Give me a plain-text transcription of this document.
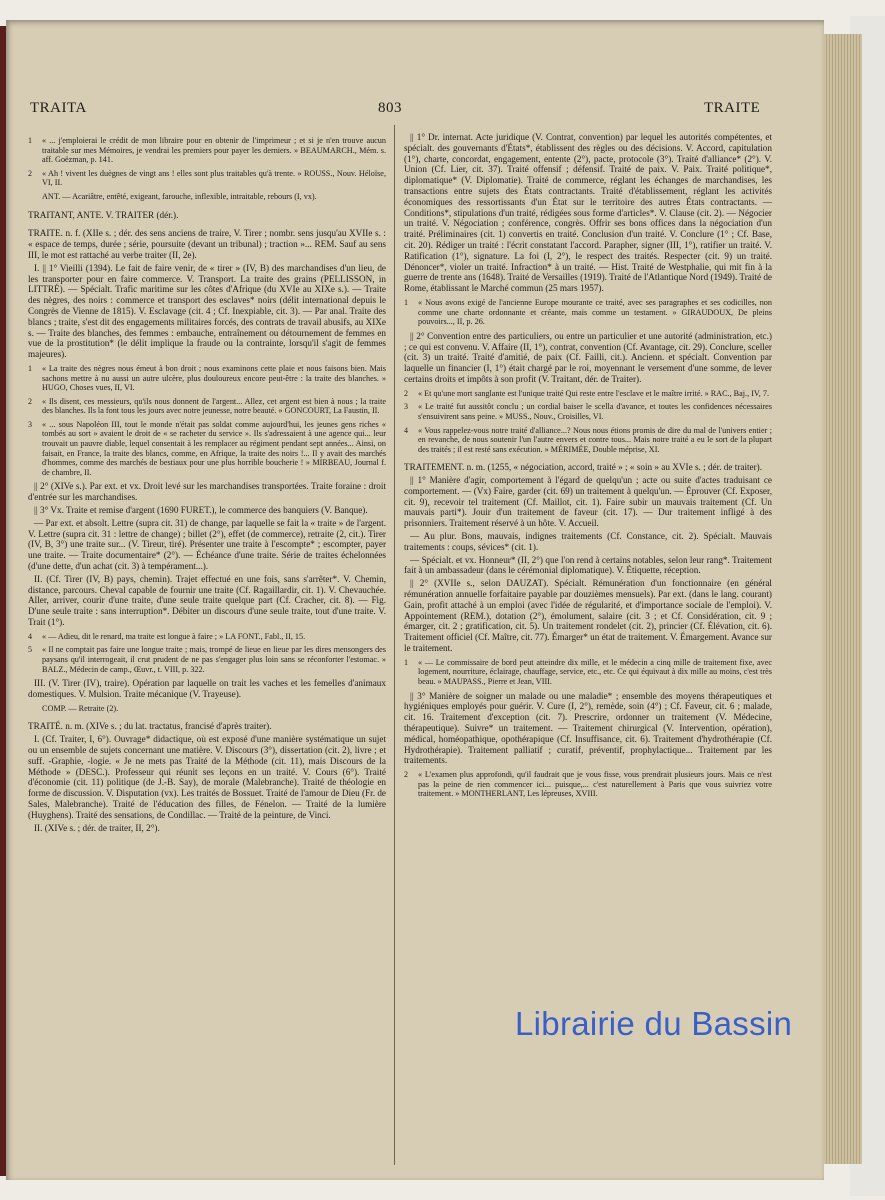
TRAITA	803	TRAITE
1 « ... j'emploierai le crédit de mon libraire pour en obtenir de l'imprimeur ; et si je n'en trouve aucun traitable sur mes Mémoires, je vendrai les premiers pour payer les derniers. » BEAUMARCH., Mém. s. aff. Goëzman, p. 141.
2 « Ah ! vivent les duègnes de vingt ans ! elles sont plus traitables qu'à trente. » ROUSS., Nouv. Héloïse, VI, II.
ANT. — Acariâtre, entêté, exigeant, farouche, inflexible, intraitable, rebours (I, vx).
TRAITANT, ANTE. V. TRAITER (dér.).
TRAITE. n. f. (XIIe s. ; dér. des sens anciens de traire, V. Tirer ; nombr. sens jusqu'au XVIIe s. : « espace de temps, durée ; série, poursuite (devant un tribunal) ; traction »... REM. Sauf au sens III, le mot est rattaché au verbe traiter (II, 2e).
I. || 1° Vieilli (1394). Le fait de faire venir, de « tirer » (IV, B) des marchandises d'un lieu, de les transporter pour en faire commerce. V. Transport. La traite des grains (PELLISSON, in LITTRÉ). — Spécialt. Trafic maritime sur les côtes d'Afrique (du XVIe au XIXe s.). — Traite des nègres, des noirs : commerce et transport des esclaves* noirs (délit international depuis le Congrès de Vienne de 1815). V. Esclavage (cit. 4 ; Cf. Inexpiable, cit. 3). — Par anal. Traite des blancs ; traite, s'est dit des engagements militaires forcés, des contrats de travail abusifs, au XIXe s. — Traite des blanches, des femmes : embauche, entraînement ou détournement de femmes en vue de la prostitution* (le délit implique la fraude ou la contrainte, lorsqu'il s'agit de femmes majeures).
1 « La traite des nègres nous émeut à bon droit ; nous examinons cette plaie et nous faisons bien. Mais sachons mettre à nu aussi un autre ulcère, plus douloureux encore peut-être : la traite des blanches. » HUGO, Choses vues, II, VI.
2 « Ils disent, ces messieurs, qu'ils nous donnent de l'argent... Allez, cet argent est bien à nous ; la traite des blanches. Ils la font tous les jours avec notre jeunesse, notre beauté. » GONCOURT, La Faustin, II.
3 « ... sous Napoléon III, tout le monde n'était pas soldat comme aujourd'hui, les jeunes gens riches « tombés au sort » avaient le droit de « se racheter du service ». Ils s'adressaient à une agence qui... leur trouvait un pauvre diable, lequel consentait à les remplacer au régiment pendant sept années... Ainsi, on faisait, en France, la traite des blancs, comme, en Afrique, la traite des noirs !... Il y avait des marchés d'hommes, comme des marchés de bestiaux pour une plus horrible boucherie ! » MIRBEAU, Journal f. de chambre, II.
|| 2° (XIVe s.). Par ext. et vx. Droit levé sur les marchandises transportées. Traite foraine : droit d'entrée sur les marchandises.
|| 3° Vx. Traite et remise d'argent (1690 FURET.), le commerce des banquiers (V. Banque).
— Par ext. et absolt. Lettre (supra cit. 31) de change, par laquelle se fait la « traite » de l'argent. V. Lettre (supra cit. 31 : lettre de change) ; billet (2°), effet (de commerce), retraite (2, cit.). Tirer (IV, B, 3°) une traite sur... (V. Tireur, tiré). Présenter une traite à l'escompte* ; escompter, payer une traite. — Traite documentaire* (2°). — Échéance d'une traite. Série de traites échelonnées (d'une dette, d'un achat (cit. 3) à tempérament...).
II. (Cf. Tirer (IV, B) pays, chemin). Trajet effectué en une fois, sans s'arrêter*. V. Chemin, distance, parcours. Cheval capable de fournir une traite (Cf. Ragaillardir, cit. 1). V. Chevauchée. Aller, arriver, courir d'une traite, d'une seule traite quelque part (Cf. Cracher, cit. 8). — Fig. D'une seule traite : sans interruption*. Débiter un discours d'une seule traite, tout d'une traite. V. Trait (1°).
4 « — Adieu, dit le renard, ma traite est longue à faire ; » LA FONT., Fabl., II, 15.
5 « Il ne comptait pas faire une longue traite ; mais, trompé de lieue en lieue par les dires mensongers des paysans qu'il interrogeait, il crut prudent de ne pas s'engager plus loin sans se réconforter l'estomac. » BALZ., Médecin de camp., Œuvr., t. VIII, p. 322.
III. (V. Tirer (IV), traire). Opération par laquelle on trait les vaches et les femelles d'animaux domestiques. V. Mulsion. Traite mécanique (V. Trayeuse).
COMP. — Retraite (2).
TRAITÉ. n. m. (XIVe s. ; du lat. tractatus, francisé d'après traiter).
I. (Cf. Traiter, I, 6°). Ouvrage* didactique, où est exposé d'une manière systématique un sujet ou un ensemble de sujets concernant une matière. V. Discours (3°), dissertation (cit. 2), livre ; et suff. -Graphie, -logie. « Je ne mets pas Traité de la Méthode (cit. 11), mais Discours de la Méthode » (DESC.). Professeur qui réunit ses leçons en un traité. V. Cours (6°). Traité d'économie (cit. 11) politique (de J.-B. Say), de morale (Malebranche). Traité de théologie en forme de discussion. V. Disputation (vx). Les traités de Bossuet. Traité de l'amour de Dieu (Fr. de Sales, Malebranche). Traité de l'éducation des filles, de Fénelon. — Traité de la lumière (Huyghens). Traité des sensations, de Condillac. — Traité de la peinture, de Vinci.
II. (XIVe s. ; dér. de traiter, II, 2°).
|| 1° Dr. internat. Acte juridique (V. Contrat, convention) par lequel les autorités compétentes, et spécialt. des gouvernants d'États*, établissent des règles ou des décisions. V. Accord, capitulation (1°), charte, concordat, engagement, entente (2°), pacte, protocole (3°). Traité d'alliance* (2°). V. Union (Cf. Lier, cit. 37). Traité offensif ; défensif. Traité de paix. V. Paix. Traité politique*, diplomatique* (V. Diplomatie). Traité de commerce, réglant les échanges de marchandises, les transactions entre sujets des États contractants. Traité d'établissement, réglant les activités économiques des ressortissants d'un État sur le territoire des autres États contractants. — Conditions*, stipulations d'un traité, rédigées sous forme d'articles*. V. Clause (cit. 2). — Négocier un traité. V. Négociation ; conférence, congrès. Offrir ses bons offices dans la négociation d'un traité. Préliminaires (cit. 1) convertis en traité. Conclusion d'un traité. V. Conclure (1° ; Cf. Base, cit. 20). Rédiger un traité : l'écrit constatant l'accord. Parapher, signer (III, 1°), ratifier un traité. V. Ratification (1°), signature. La foi (I, 2°), le respect des traités. Respecter (cit. 9) un traité. Dénoncer*, violer un traité. Infraction* à un traité. — Hist. Traité de Westphalie, qui mit fin à la guerre de trente ans (1648). Traité de Versailles (1919). Traité de l'Atlantique Nord (1949). Traité de Rome, établissant le Marché commun (25 mars 1957).
1 « Nous avons exigé de l'ancienne Europe mourante ce traité, avec ses paragraphes et ses codicilles, non comme une charte ordonnante et créante, mais comme un testament. » GIRAUDOUX, De pleins pouvoirs..., II, p. 26.
|| 2° Convention entre des particuliers, ou entre un particulier et une autorité (administration, etc.) ; ce qui est convenu. V. Affaire (II, 1°), contrat, convention (Cf. Avantage, cit. 29). Conclure, sceller (cit. 3) un traité. Traité d'amitié, de paix (Cf. Failli, cit.). Ancienn. et spécialt. Convention par laquelle un financier (I, 1°) était chargé par le roi, moyennant le versement d'une somme, de lever certains droits et impôts à son profit (V. Traitant, dér. de Traiter).
2 « Et qu'une mort sanglante est l'unique traité Qui reste entre l'esclave et le maître irrité. » RAC., Baj., IV, 7.
3 « Le traité fut aussitôt conclu ; un cordial baiser le scella d'avance, et toutes les confidences nécessaires s'ensuivirent sans peine. » MUSS., Nouv., Croisilles, VI.
4 « Vous rappelez-vous notre traité d'alliance...? Nous nous étions promis de dire du mal de l'univers entier ; en revanche, de nous soutenir l'un l'autre envers et contre tous... Mais notre traité a eu le sort de la plupart des traités ; il est resté sans exécution. » MÉRIMÉE, Double méprise, XI.
TRAITEMENT. n. m. (1255, « négociation, accord, traité » ; « soin » au XVIe s. ; dér. de traiter).
|| 1° Manière d'agir, comportement à l'égard de quelqu'un ; acte ou suite d'actes traduisant ce comportement. — (Vx) Faire, garder (cit. 69) un traitement à quelqu'un. — Éprouver (Cf. Exposer, cit. 9), recevoir tel traitement (Cf. Maillot, cit. 1). Faire subir un mauvais traitement (Cf. Un mauvais parti*). Jouir d'un traitement de faveur (cit. 17). — Dur traitement infligé à des prisonniers. Traitement réservé à un hôte. V. Accueil.
— Au plur. Bons, mauvais, indignes traitements (Cf. Constance, cit. 2). Spécialt. Mauvais traitements : coups, sévices* (cit. 1).
— Spécialt. et vx. Honneur* (II, 2°) que l'on rend à certains notables, selon leur rang*. Traitement fait à un ambassadeur (dans le cérémonial diplomatique). V. Étiquette, réception.
|| 2° (XVIIe s., selon DAUZAT). Spécialt. Rémunération d'un fonctionnaire (en général rémunération annuelle forfaitaire payable par douzièmes mensuels). Par ext. (dans le lang. courant) Gain, profit attaché à un emploi (avec l'idée de régularité, et d'importance sociale de l'emploi). V. Appointement (REM.), dotation (2°), émolument, salaire (cit. 3 ; et Cf. Considération, cit. 9 ; émarger, cit. 2 ; gratification, cit. 5). Un traitement rondelet (cit. 2), princier (Cf. Élévation, cit. 6). Traitement officiel (Cf. Maître, cit. 77). Émarger* un état de traitement. V. Émargement. Avance sur le traitement.
1 « — Le commissaire de bord peut atteindre dix mille, et le médecin a cinq mille de traitement fixe, avec logement, nourriture, éclairage, chauffage, service, etc., etc. Ce qui équivaut à dix mille au moins, c'est très beau. » MAUPASS., Pierre et Jean, VIII.
|| 3° Manière de soigner un malade ou une maladie* ; ensemble des moyens thérapeutiques et hygiéniques employés pour guérir. V. Cure (I, 2°), remède, soin (4°) ; Cf. Faveur, cit. 6 ; malade, cit. 16. Traitement d'exception (cit. 7). Prescrire, ordonner un traitement (V. Médecine, thérapeutique). Suivre* un traitement. — Traitement chirurgical (V. Intervention, opération), médical, homéopathique, opothérapique (Cf. Insuffisance, cit. 6). Traitement d'hydrothérapie (Cf. Hydrothérapie). Traitement palliatif ; curatif, préventif, prophylactique... Traitement par les traitements.
2 « L'examen plus approfondi, qu'il faudrait que je vous fisse, vous prendrait plusieurs jours. Mais ce n'est pas la peine de rien commencer ici... puisque,... c'est naturellement à Paris que vous suivriez votre traitement. » MONTHERLANT, Les lépreuses, XVIII.
Librairie du Bassin
